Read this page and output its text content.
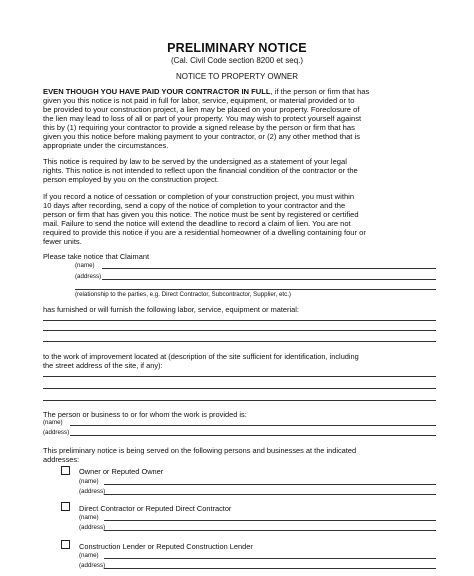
PRELIMINARY NOTICE
(Cal. Civil Code section 8200 et seq.)
NOTICE TO PROPERTY OWNER
EVEN THOUGH YOU HAVE PAID YOUR CONTRACTOR IN FULL, if the person or firm that has
given you this notice is not paid in full for labor, service, equipment, or material provided or to
be provided to your construction project, a lien may be placed on your property. Foreclosure of
the lien may lead to loss of all or part of your property. You may wish to protect yourself against
this by (1) requiring your contractor to provide a signed release by the person or firm that has
given you this notice before making payment to your contractor, or (2) any other method that is
appropriate under the circumstances.
This notice is required by law to be served by the undersigned as a statement of your legal
rights. This notice is not intended to reflect upon the financial condition of the contractor or the
person employed by you on the construction project.
If you record a notice of cessation or completion of your construction project, you must within
10 days after recording, send a copy of the notice of completion to your contractor and the
person or firm that has given you this notice. The notice must be sent by registered or certified
mail. Failure to send the notice will extend the deadline to record a claim of lien. You are not
required to provide this notice if you are a residential homeowner of a dwelling containing four or
fewer units.
Please take notice that Claimant
(name)
(address)
(relationship to the parties, e.g. Direct Contractor, Subcontractor, Supplier, etc.)
has furnished or will furnish the following labor, service, equipment or material:
to the work of improvement located at (description of the site sufficient for identification, including
the street address of the site, if any):
The person or business to or for whom the work is provided is:
(name)
(address)
This preliminary notice is being served on the following persons and businesses at the indicated
addresses:
Owner or Reputed Owner
(name)
(address)
Direct Contractor or Reputed Direct Contractor
(name)
(address)
Construction Lender or Reputed Construction Lender
(name)
(address)
